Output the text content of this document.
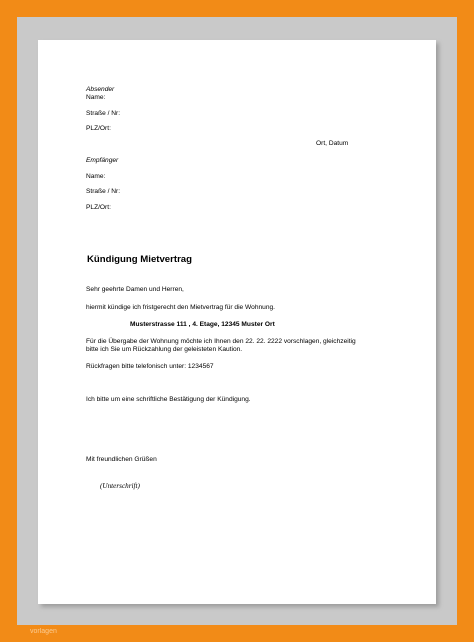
Absender
Name:
Straße / Nr:
PLZ/Ort:
Ort, Datum
Empfänger
Name:
Straße / Nr:
PLZ/Ort:
Kündigung Mietvertrag
Sehr geehrte Damen und Herren,
hiermit kündige ich fristgerecht den Mietvertrag für die Wohnung.
Musterstrasse 111 , 4. Etage, 12345 Muster Ort
Für die Übergabe der Wohnung möchte ich Ihnen den 22. 22. 2222 vorschlagen, gleichzeitig
bitte ich Sie um Rückzahlung der geleisteten Kaution.
Rückfragen bitte telefonisch unter: 1234567
Ich bitte um eine schriftliche Bestätigung der Kündigung.
Mit freundlichen Grüßen
(Unterschrift)
vorlagen
